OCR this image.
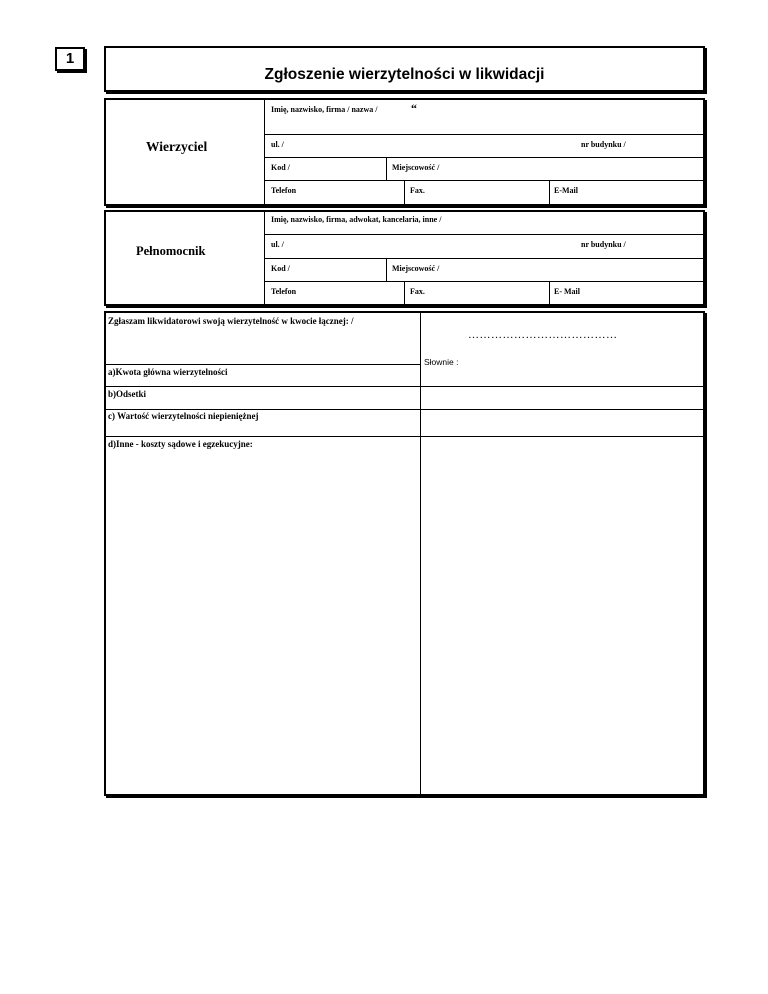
1
Zgłoszenie wierzytelności w likwidacji
Wierzyciel
Imię, nazwisko, firma / nazwa /	“
ul. /	nr budynku /
Kod /	Miejscowość /
Telefon	Fax.	E-Mail
Pełnomocnik
Imię, nazwisko, firma, adwokat, kancelaria, inne /
ul. /	nr budynku /
Kod /	Miejscowość /
Telefon	Fax.	E- Mail
Zgłaszam likwidatorowi swoją wierzytelność w kwocie łącznej: /
…………………………………
Słownie :
a)Kwota główna wierzytelności
b)Odsetki
c) Wartość wierzytelności niepieniężnej
d)Inne - koszty sądowe i egzekucyjne:
